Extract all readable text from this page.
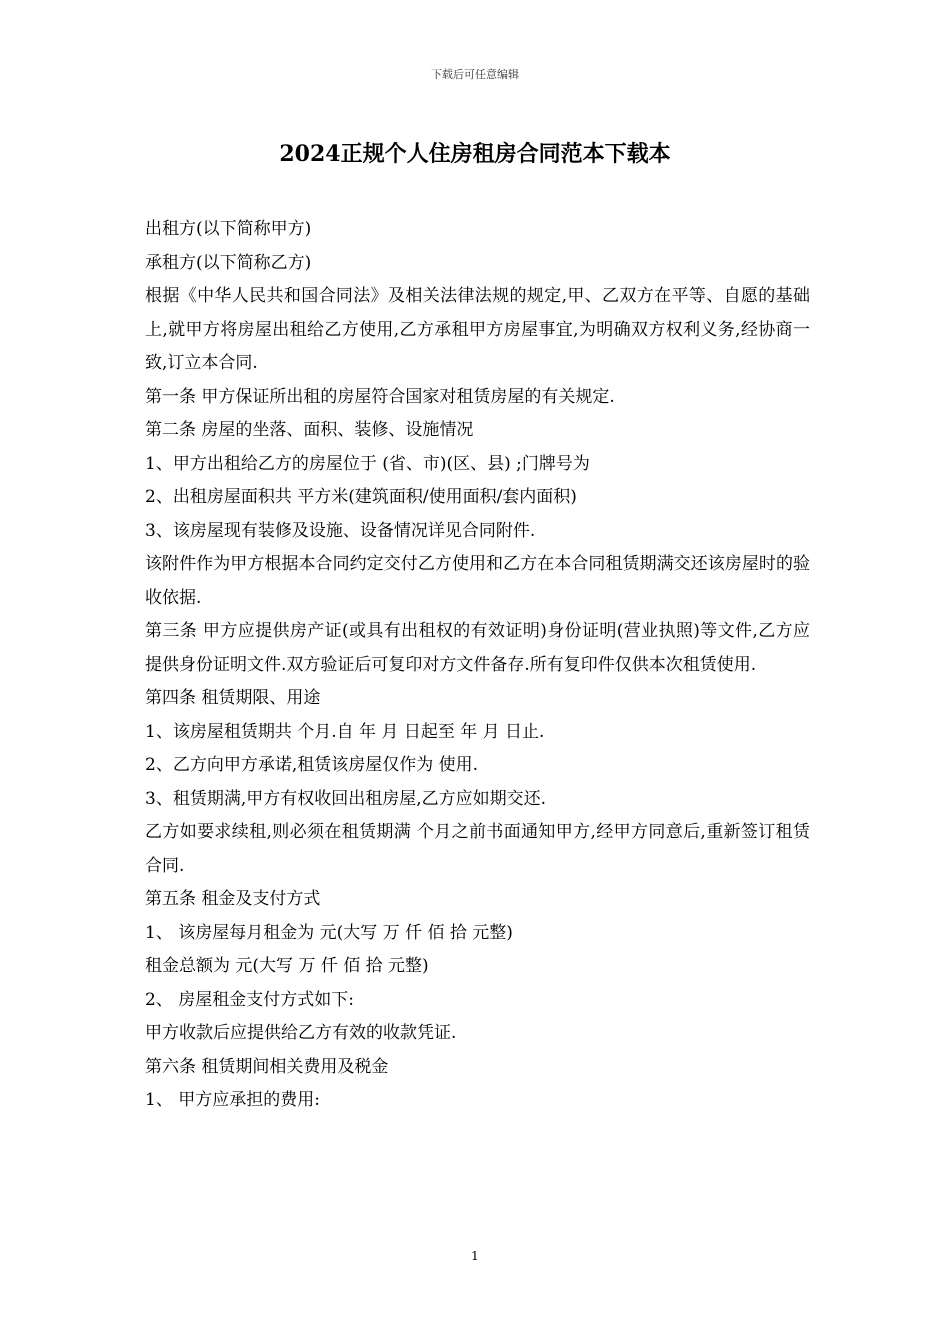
下载后可任意编辑

2024正规个人住房租房合同范本下载本

出租方(以下简称甲方)

承租方(以下简称乙方)

根据《中华人民共和国合同法》及相关法律法规的规定,甲、乙双方在平等、自愿的基础上,就甲方将房屋出租给乙方使用,乙方承租甲方房屋事宜,为明确双方权利义务,经协商一致,订立本合同.

第一条 甲方保证所出租的房屋符合国家对租赁房屋的有关规定.

第二条 房屋的坐落、面积、装修、设施情况

1、甲方出租给乙方的房屋位于 (省、市)(区、县) ;门牌号为

2、出租房屋面积共 平方米(建筑面积/使用面积/套内面积)

3、该房屋现有装修及设施、设备情况详见合同附件.

该附件作为甲方根据本合同约定交付乙方使用和乙方在本合同租赁期满交还该房屋时的验收依据.

第三条 甲方应提供房产证(或具有出租权的有效证明)身份证明(营业执照)等文件,乙方应提供身份证明文件.双方验证后可复印对方文件备存.所有复印件仅供本次租赁使用.

第四条 租赁期限、用途

1、该房屋租赁期共 个月.自 年 月 日起至 年 月 日止.

2、乙方向甲方承诺,租赁该房屋仅作为 使用.

3、租赁期满,甲方有权收回出租房屋,乙方应如期交还.

乙方如要求续租,则必须在租赁期满 个月之前书面通知甲方,经甲方同意后,重新签订租赁合同.

第五条 租金及支付方式

1、 该房屋每月租金为 元(大写 万 仟 佰 拾 元整)

租金总额为 元(大写 万 仟 佰 拾 元整)

2、 房屋租金支付方式如下:

甲方收款后应提供给乙方有效的收款凭证.

第六条 租赁期间相关费用及税金

1、 甲方应承担的费用:

1
